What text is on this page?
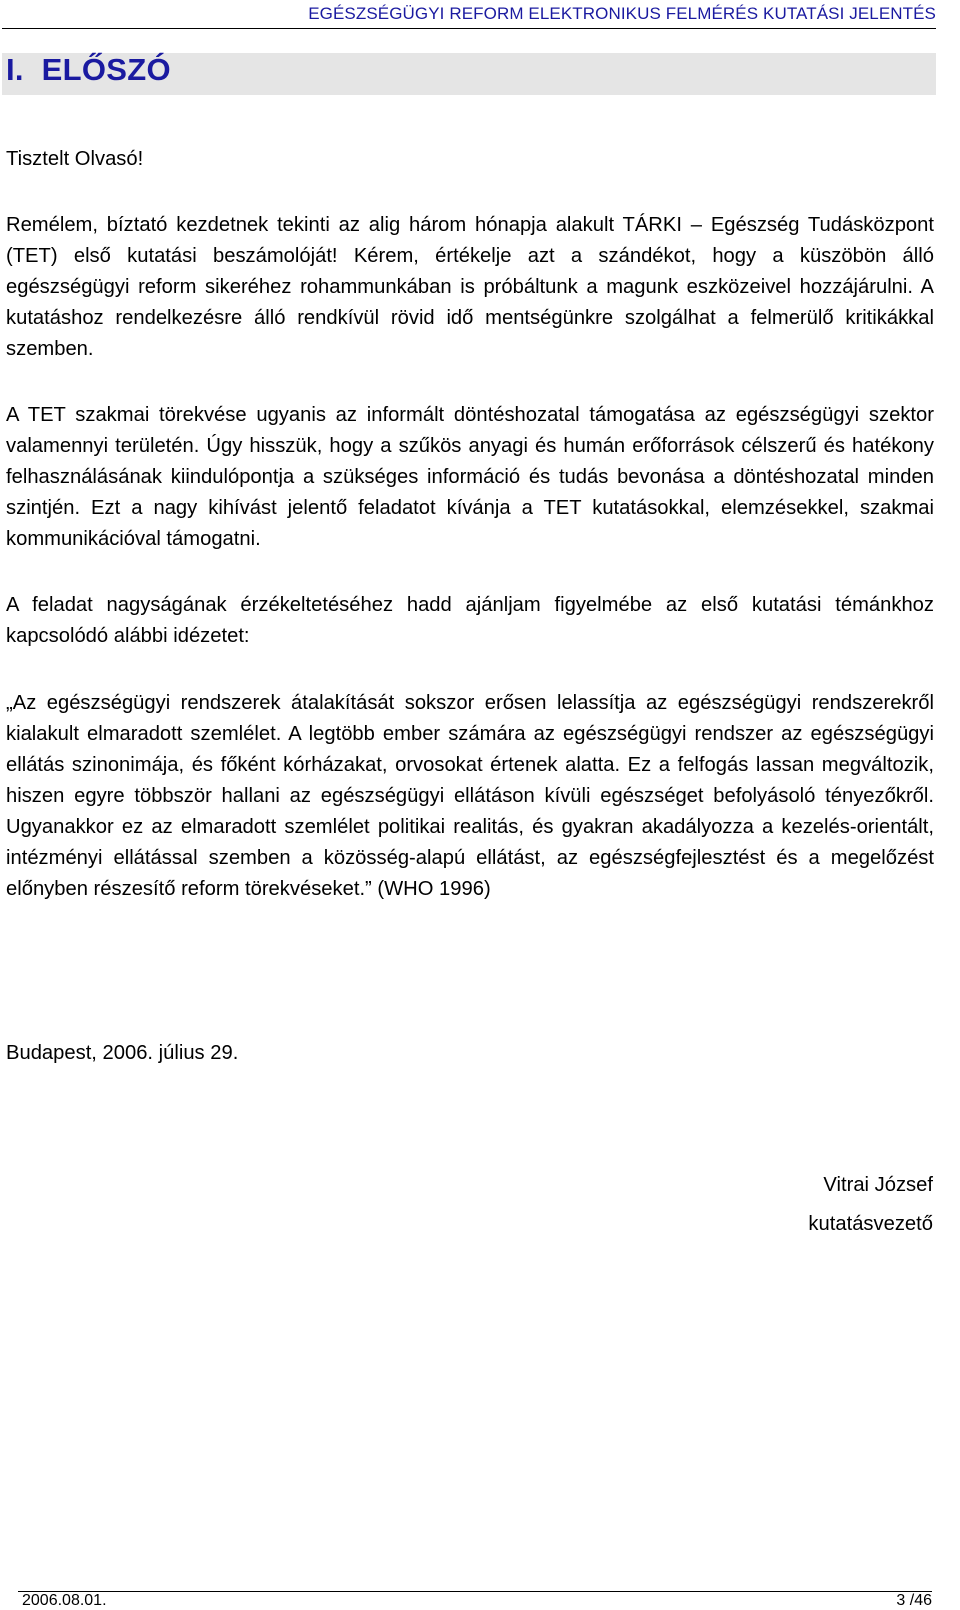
EGÉSZSÉGÜGYI REFORM ELEKTRONIKUS FELMÉRÉS KUTATÁSI JELENTÉS
I.  ELŐSZÓ

Tisztelt Olvasó!

Remélem, bíztató kezdetnek tekinti az alig három hónapja alakult TÁRKI – Egészség Tudásközpont (TET) első kutatási beszámolóját! Kérem, értékelje azt a szándékot, hogy a küszöbön álló egészségügyi reform sikeréhez rohammunkában is próbáltunk a magunk eszközeivel hozzájárulni. A kutatáshoz rendelkezésre álló rendkívül rövid idő mentségünkre szolgálhat a felmerülő kritikákkal szemben.

A TET szakmai törekvése ugyanis az informált döntéshozatal támogatása az egészségügyi szektor valamennyi területén. Úgy hisszük, hogy a szűkös anyagi és humán erőforrások célszerű és hatékony felhasználásának kiindulópontja a szükséges információ és tudás bevonása a döntéshozatal minden szintjén. Ezt a nagy kihívást jelentő feladatot kívánja a TET kutatásokkal, elemzésekkel, szakmai kommunikációval támogatni.

A feladat nagyságának érzékeltetéséhez hadd ajánljam figyelmébe az első kutatási témánkhoz kapcsolódó alábbi idézetet:

„Az egészségügyi rendszerek átalakítását sokszor erősen lelassítja az egészségügyi rendszerekről kialakult elmaradott szemlélet. A legtöbb ember számára az egészségügyi rendszer az egészségügyi ellátás szinonimája, és főként kórházakat, orvosokat értenek alatta. Ez a felfogás lassan megváltozik, hiszen egyre többször hallani az egészségügyi ellátáson kívüli egészséget befolyásoló tényezőkről. Ugyanakkor ez az elmaradott szemlélet politikai realitás, és gyakran akadályozza a kezelés-orientált, intézményi ellátással szemben a közösség-alapú ellátást, az egészségfejlesztést és a megelőzést előnyben részesítő reform törekvéseket.” (WHO 1996)

Budapest, 2006. július 29.

Vitrai József

kutatásvezető

2006.08.01.	3 /46
